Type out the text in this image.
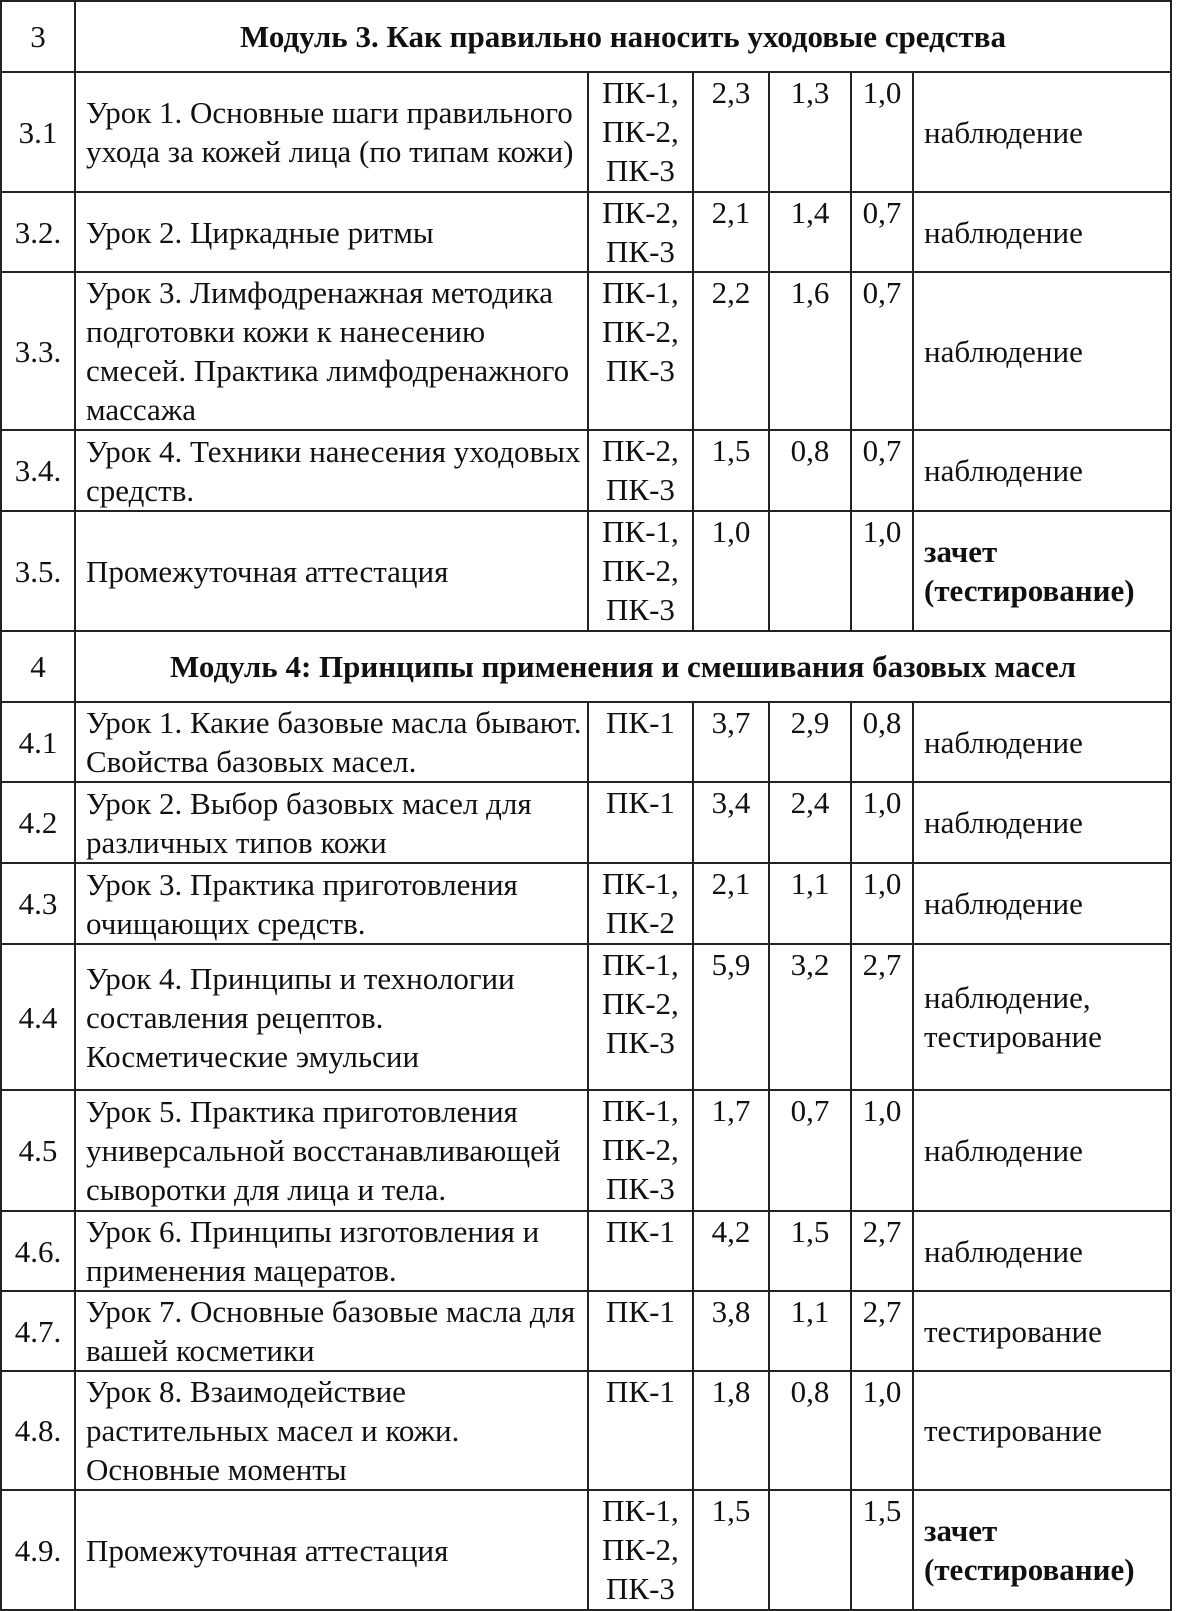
3	Модуль 3. Как правильно наносить уходовые средства					
3.1	Урок 1. Основные шаги правильного ухода за кожей лица (по типам кожи)	ПК-1,
ПК-2,
ПК-3	2,3	1,3	1,0	наблюдение
3.2.	Урок 2. Циркадные ритмы	ПК-2,
ПК-3	2,1	1,4	0,7	наблюдение
3.3.	Урок 3. Лимфодренажная методика подготовки кожи к нанесению смесей. Практика лимфодренажного массажа	ПК-1,
ПК-2,
ПК-3	2,2	1,6	0,7	наблюдение
3.4.	Урок 4. Техники нанесения уходовых средств.	ПК-2,
ПК-3	1,5	0,8	0,7	наблюдение
3.5.	Промежуточная аттестация	ПК-1,
ПК-2,
ПК-3	1,0		1,0	зачет
(тестирование)
4	Модуль 4: Принципы применения и смешивания базовых масел					
4.1	Урок 1. Какие базовые масла бывают. Свойства базовых масел.	ПК-1	3,7	2,9	0,8	наблюдение
4.2	Урок 2. Выбор базовых масел для различных типов кожи	ПК-1	3,4	2,4	1,0	наблюдение
4.3	Урок 3. Практика приготовления очищающих средств.	ПК-1,
ПК-2	2,1	1,1	1,0	наблюдение
4.4	Урок 4. Принципы и технологии составления рецептов. Косметические эмульсии	ПК-1,
ПК-2,
ПК-3	5,9	3,2	2,7	наблюдение,
тестирование
4.5	Урок 5. Практика приготовления универсальной восстанавливающей сыворотки для лица и тела.	ПК-1,
ПК-2,
ПК-3	1,7	0,7	1,0	наблюдение
4.6.	Урок 6. Принципы изготовления и применения мацератов.	ПК-1	4,2	1,5	2,7	наблюдение
4.7.	Урок 7. Основные базовые масла для вашей косметики	ПК-1	3,8	1,1	2,7	тестирование
4.8.	Урок 8. Взаимодействие растительных масел и кожи. Основные моменты	ПК-1	1,8	0,8	1,0	тестирование
4.9.	Промежуточная аттестация	ПК-1,
ПК-2,
ПК-3	1,5		1,5	зачет
(тестирование)
